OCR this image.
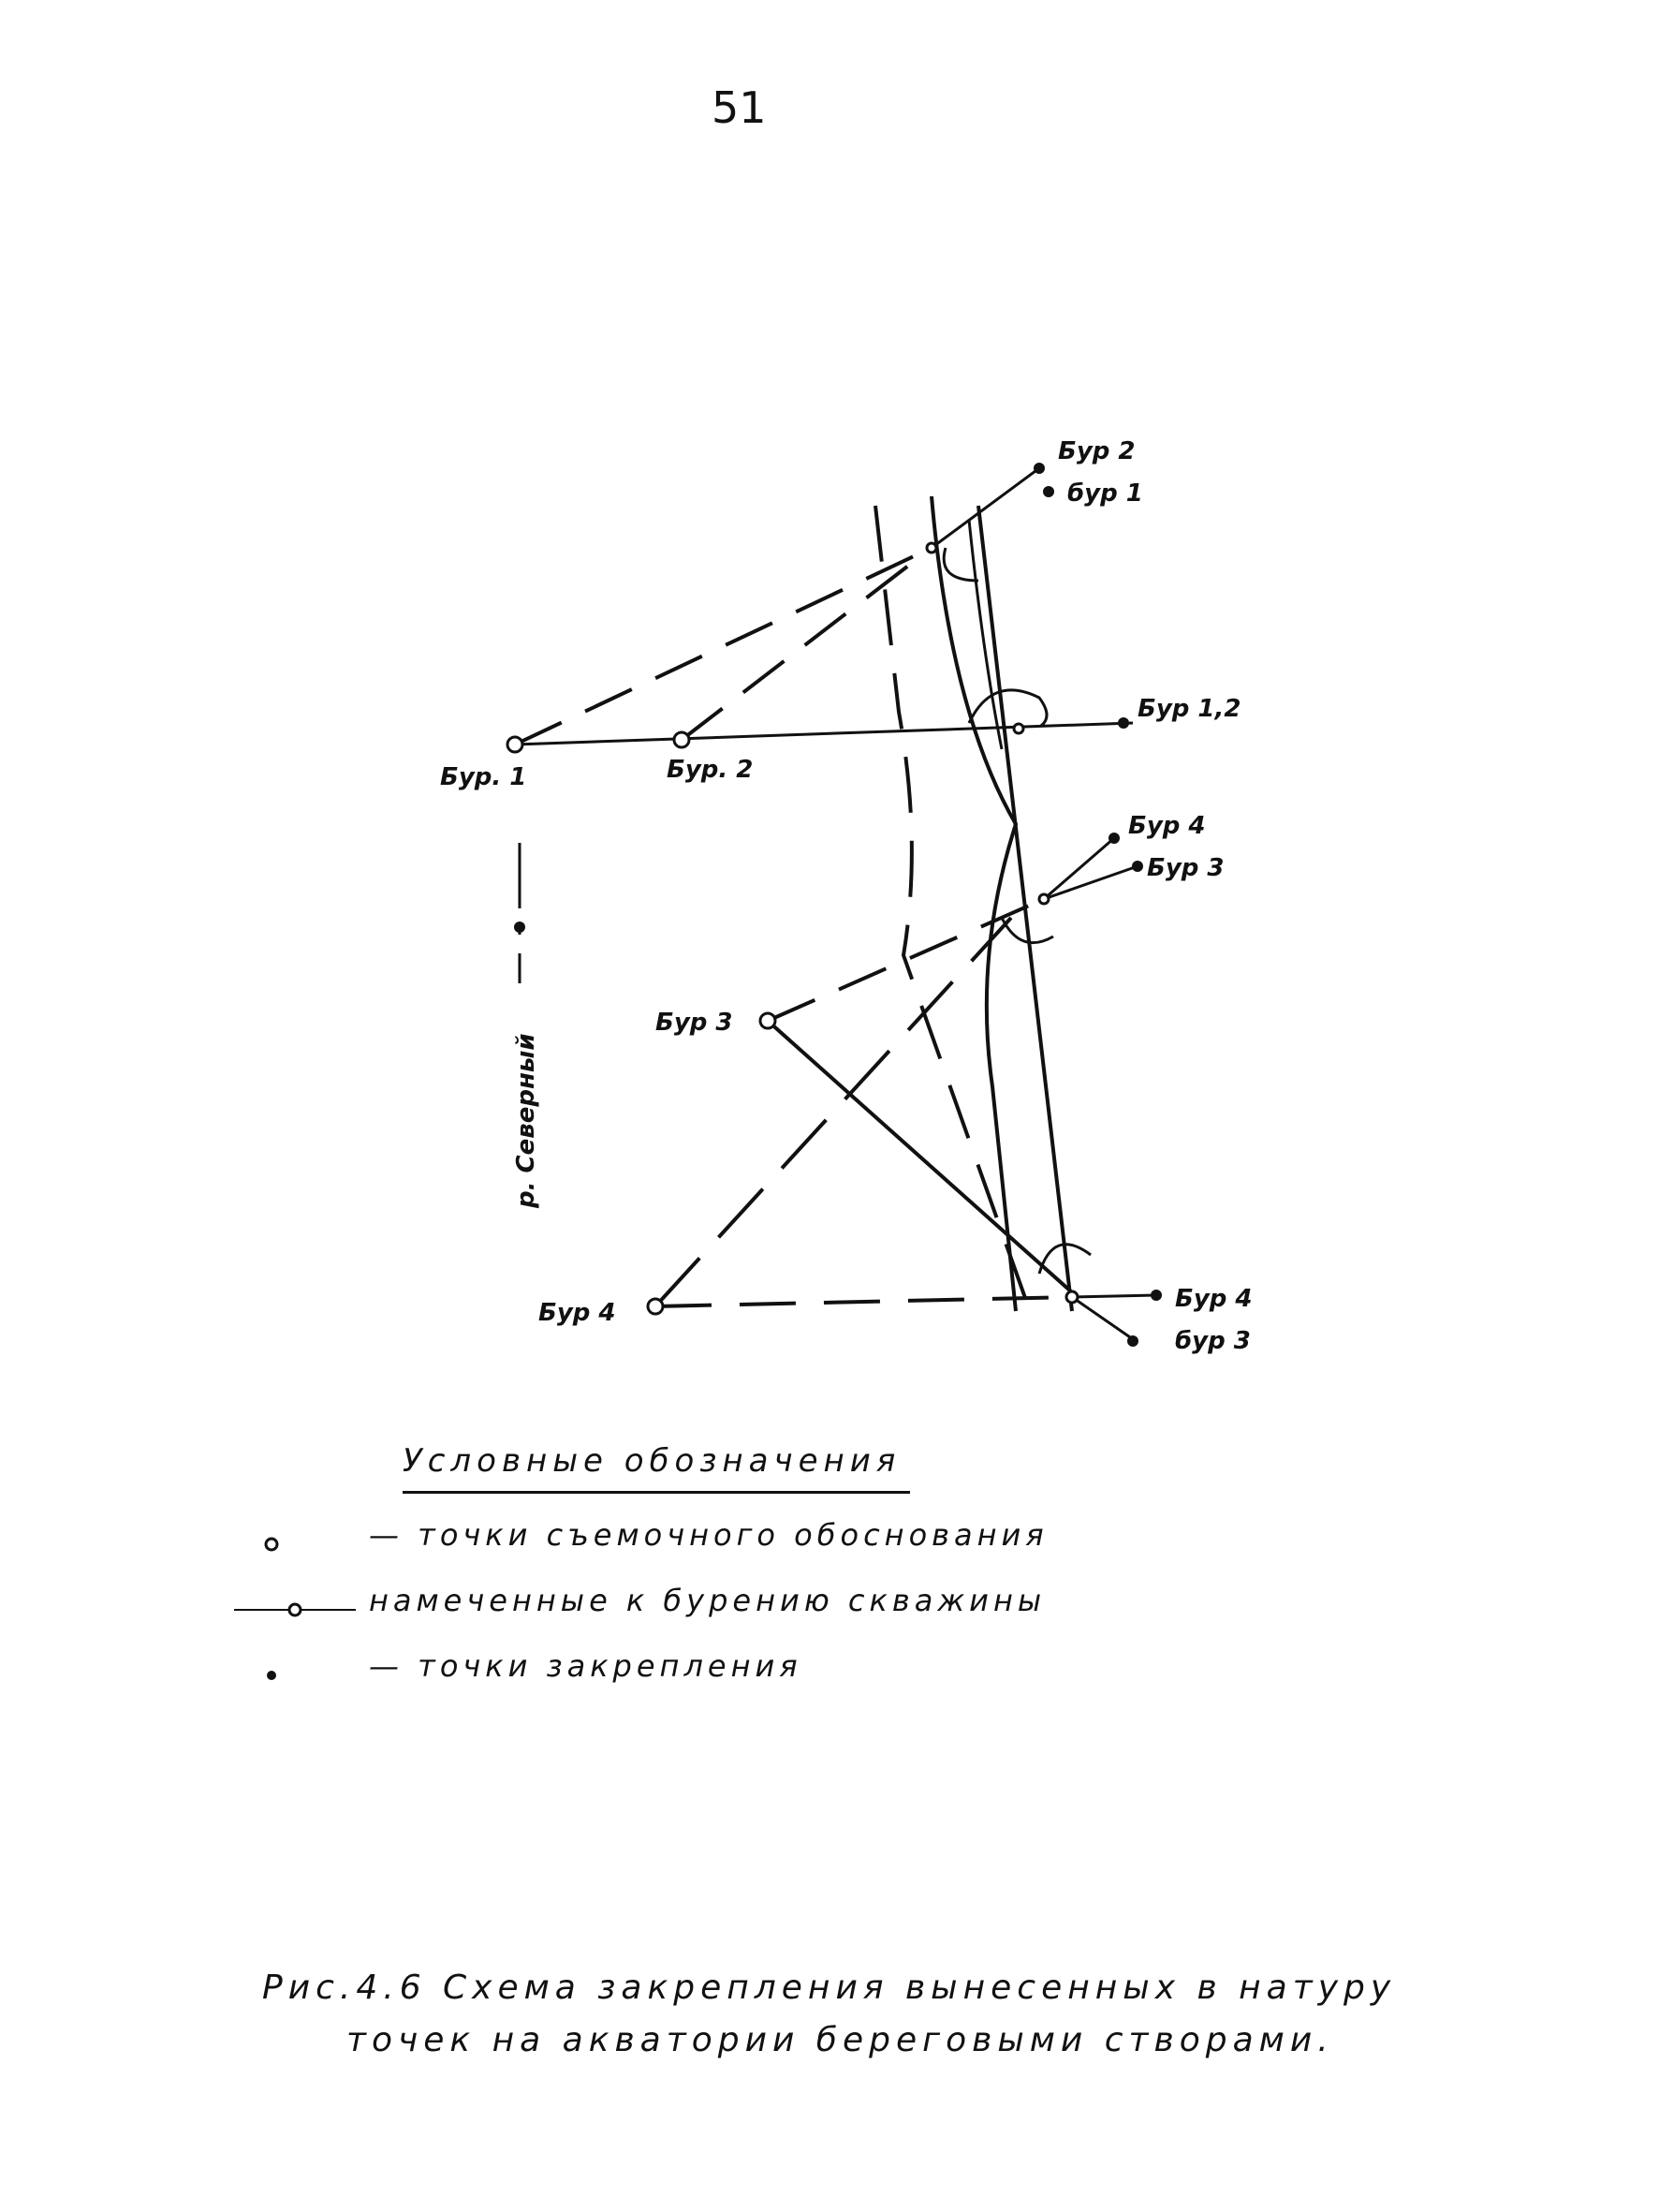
51
Бур. 1	Бур. 2
Бур 2
бур 1
Бур 1,2
Бур 4
Бур 3
Бур 3
Бур 4	Бур 4
бур 3
р. Северный
Условные обозначения
— точки съемочного обоснования
намеченные к бурению скважины
— точки закрепления
Рис.4.6 Схема закрепления вынесенных в натуру
точек на акватории береговыми створами.
